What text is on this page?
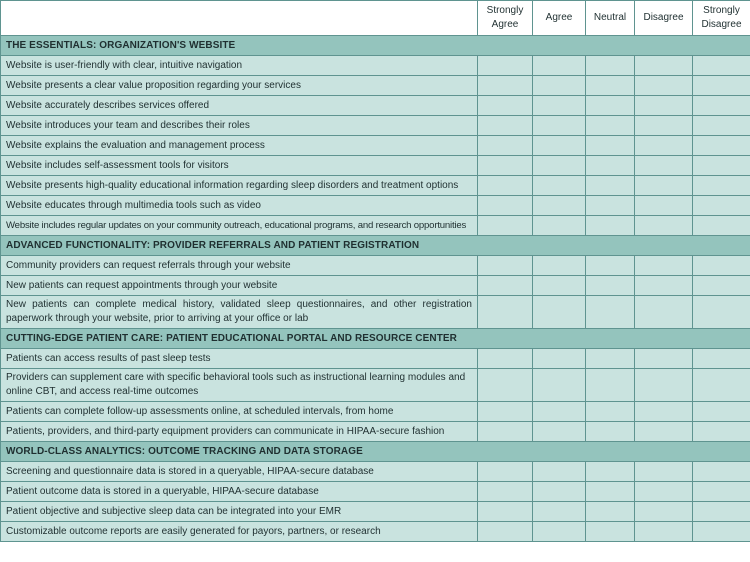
	Strongly Agree	Agree	Neutral	Disagree	Strongly Disagree
THE ESSENTIALS: ORGANIZATION'S WEBSITE					
Website is user-friendly with clear, intuitive navigation					
Website presents a clear value proposition regarding your services					
Website accurately describes services offered					
Website introduces your team and describes their roles					
Website explains the evaluation and management process					
Website includes self-assessment tools for visitors					
Website presents high-quality educational information regarding sleep disorders and treatment options					
Website educates through multimedia tools such as video					
Website includes regular updates on your community outreach, educational programs, and research opportunities					
ADVANCED FUNCTIONALITY: PROVIDER REFERRALS AND PATIENT REGISTRATION					
Community providers can request referrals through your website					
New patients can request appointments through your website					
New patients can complete medical history, validated sleep questionnaires, and other registration paperwork through your website, prior to arriving at your office or lab					
CUTTING-EDGE PATIENT CARE: PATIENT EDUCATIONAL PORTAL AND RESOURCE CENTER					
Patients can access results of past sleep tests					
Providers can supplement care with specific behavioral tools such as instructional learning modules and online CBT, and access real-time outcomes					
Patients can complete follow-up assessments online, at scheduled intervals, from home					
Patients, providers, and third-party equipment providers can communicate in HIPAA-secure fashion					
WORLD-CLASS ANALYTICS: OUTCOME TRACKING AND DATA STORAGE					
Screening and questionnaire data is stored in a queryable, HIPAA-secure database					
Patient outcome data is stored in a queryable, HIPAA-secure database					
Patient objective and subjective sleep data can be integrated into your EMR					
Customizable outcome reports are easily generated for payors, partners, or research					
